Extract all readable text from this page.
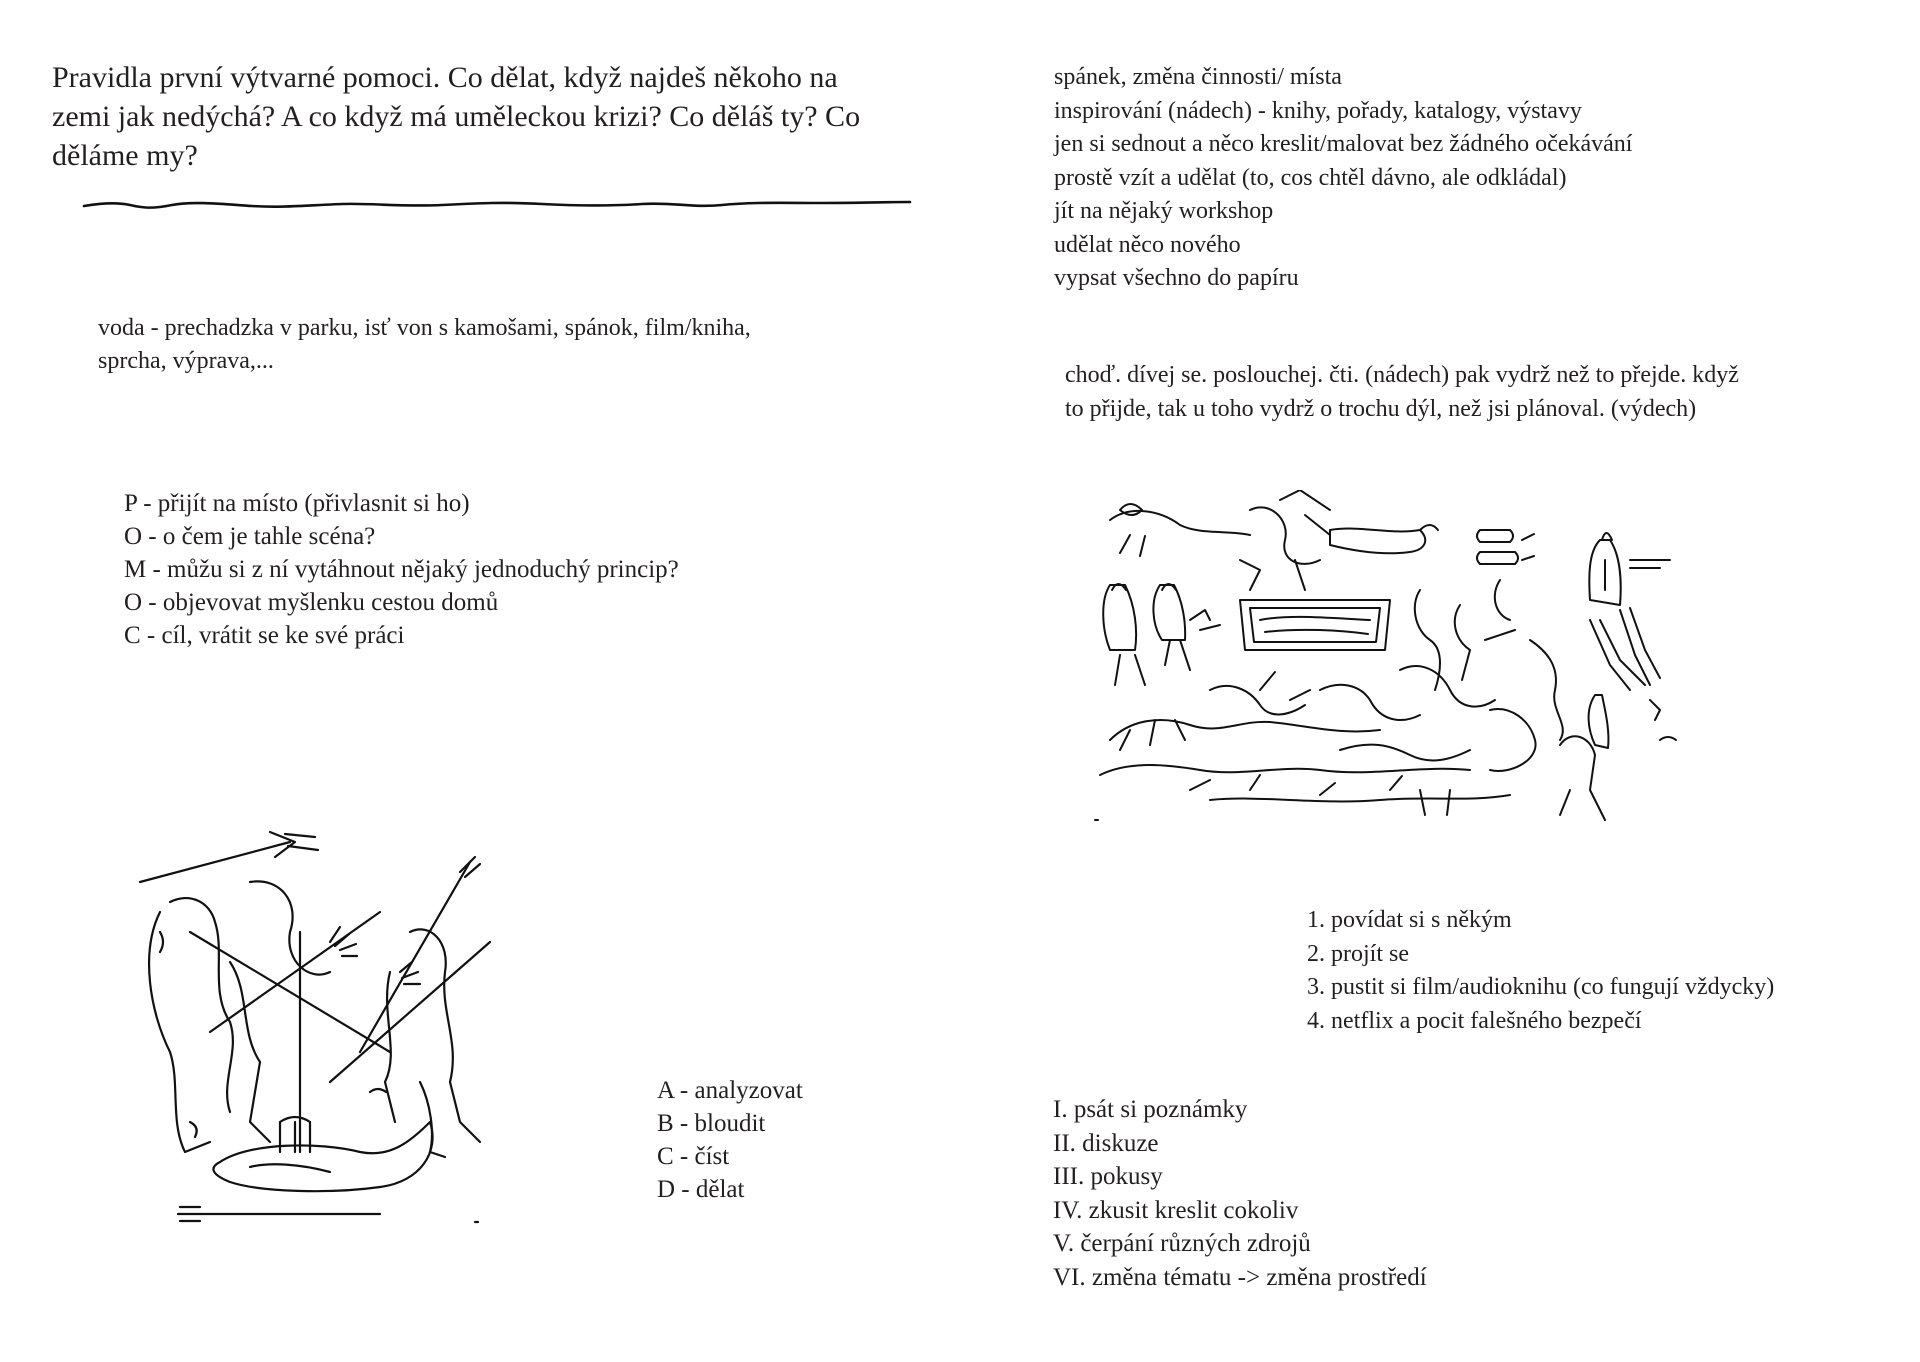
Pravidla první výtvarné pomoci. Co dělat, když najdeš někoho na
zemi jak nedýchá? A co když má uměleckou krizi? Co děláš ty? Co
děláme my?
voda - prechadzka v parku, isť von s kamošami, spánok, film/kniha,
sprcha, výprava,...
P - přijít na místo (přivlasnit si ho)
O - o čem je tahle scéna?
M - můžu si z ní vytáhnout nějaký jednoduchý princip?
O - objevovat myšlenku cestou domů
C - cíl, vrátit se ke své práci
A - analyzovat
B - bloudit
C - číst
D - dělat
spánek, změna činnosti/ místa
inspirování (nádech) - knihy, pořady, katalogy, výstavy
jen si sednout a něco kreslit/malovat bez žádného očekávání
prostě vzít a udělat (to, cos chtěl dávno, ale odkládal)
jít na nějaký workshop
udělat něco nového
vypsat všechno do papíru
choď. dívej se. poslouchej. čti. (nádech) pak vydrž než to přejde. když
to přijde, tak u toho vydrž o trochu dýl, než jsi plánoval. (výdech)
1. povídat si s někým
2. projít se
3. pustit si film/audioknihu (co fungují vždycky)
4. netflix a pocit falešného bezpečí
I. psát si poznámky
II. diskuze
III. pokusy
IV. zkusit kreslit cokoliv
V. čerpání různých zdrojů
VI. změna tématu -> změna prostředí
